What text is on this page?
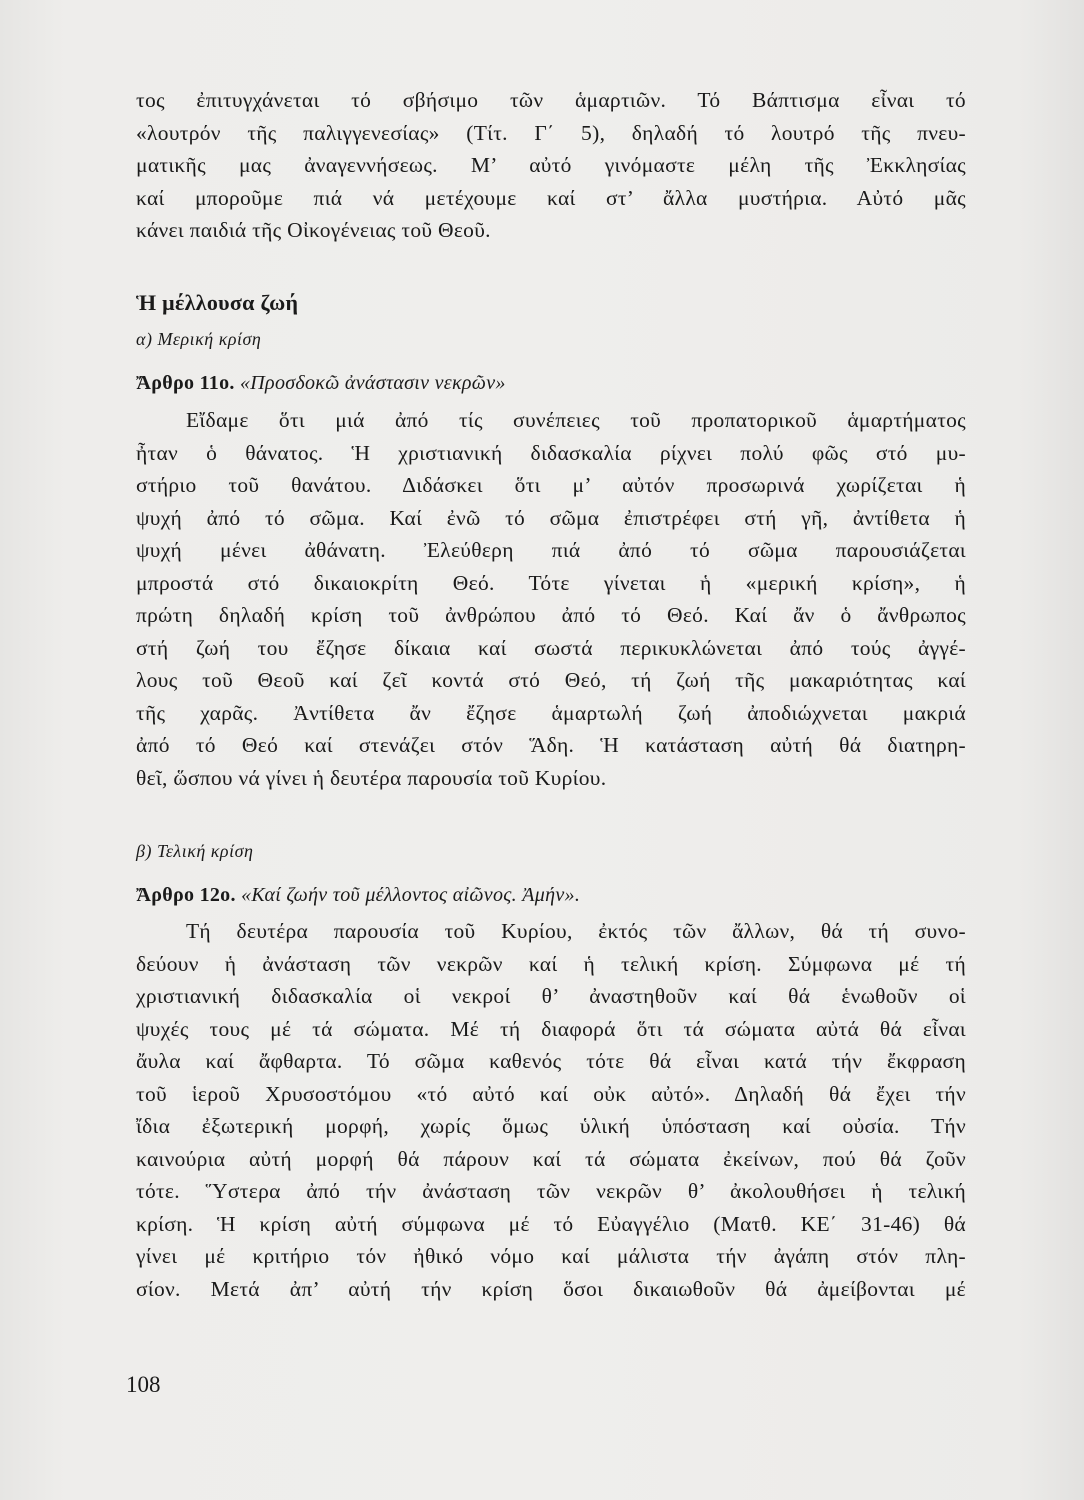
τος ἐπιτυγχάνεται τό σβήσιμο τῶν ἁμαρτιῶν. Τό Βάπτισμα εἶναι τό
«λουτρόν τῆς παλιγγενεσίας» (Τίτ. Γ΄ 5), δηλαδή τό λουτρό τῆς πνευ-
ματικῆς μας ἀναγεννήσεως. Μ’ αὐτό γινόμαστε μέλη τῆς Ἐκκλησίας
καί μποροῦμε πιά νά μετέχουμε καί στ’ ἄλλα μυστήρια. Αὐτό μᾶς
κάνει παιδιά τῆς Οἰκογένειας τοῦ Θεοῦ.
Ἡ μέλλουσα ζωή
α) Μερική κρίση
Ἄρθρο 11ο. «Προσδοκῶ ἀνάστασιν νεκρῶν»
Εἴδαμε ὅτι μιά ἀπό τίς συνέπειες τοῦ προπατορικοῦ ἁμαρτήματος
ἦταν ὁ θάνατος. Ἡ χριστιανική διδασκαλία ρίχνει πολύ φῶς στό μυ-
στήριο τοῦ θανάτου. Διδάσκει ὅτι μ’ αὐτόν προσωρινά χωρίζεται ἡ
ψυχή ἀπό τό σῶμα. Καί ἐνῶ τό σῶμα ἐπιστρέφει στή γῆ, ἀντίθετα ἡ
ψυχή μένει ἀθάνατη. Ἐλεύθερη πιά ἀπό τό σῶμα παρουσιάζεται
μπροστά στό δικαιοκρίτη Θεό. Τότε γίνεται ἡ «μερική κρίση», ἡ
πρώτη δηλαδή κρίση τοῦ ἀνθρώπου ἀπό τό Θεό. Καί ἄν ὁ ἄνθρωπος
στή ζωή του ἔζησε δίκαια καί σωστά περικυκλώνεται ἀπό τούς ἀγγέ-
λους τοῦ Θεοῦ καί ζεῖ κοντά στό Θεό, τή ζωή τῆς μακαριότητας καί
τῆς χαρᾶς. Ἀντίθετα ἄν ἔζησε ἁμαρτωλή ζωή ἀποδιώχνεται μακριά
ἀπό τό Θεό καί στενάζει στόν Ἅδη. Ἡ κατάσταση αὐτή θά διατηρη-
θεῖ, ὥσπου νά γίνει ἡ δευτέρα παρουσία τοῦ Κυρίου.
β) Τελική κρίση
Ἄρθρο 12ο. «Καί ζωήν τοῦ μέλλοντος αἰῶνος. Ἀμήν».
Τή δευτέρα παρουσία τοῦ Κυρίου, ἐκτός τῶν ἄλλων, θά τή συνο-
δεύουν ἡ ἀνάσταση τῶν νεκρῶν καί ἡ τελική κρίση. Σύμφωνα μέ τή
χριστιανική διδασκαλία οἱ νεκροί θ’ ἀναστηθοῦν καί θά ἑνωθοῦν οἱ
ψυχές τους μέ τά σώματα. Μέ τή διαφορά ὅτι τά σώματα αὐτά θά εἶναι
ἄυλα καί ἄφθαρτα. Τό σῶμα καθενός τότε θά εἶναι κατά τήν ἔκφραση
τοῦ ἱεροῦ Χρυσοστόμου «τό αὐτό καί οὐκ αὐτό». Δηλαδή θά ἔχει τήν
ἴδια ἐξωτερική μορφή, χωρίς ὅμως ὑλική ὑπόσταση καί οὐσία. Τήν
καινούρια αὐτή μορφή θά πάρουν καί τά σώματα ἐκείνων, πού θά ζοῦν
τότε. Ὕστερα ἀπό τήν ἀνάσταση τῶν νεκρῶν θ’ ἀκολουθήσει ἡ τελική
κρίση. Ἡ κρίση αὐτή σύμφωνα μέ τό Εὐαγγέλιο (Ματθ. ΚΕ΄ 31-46) θά
γίνει μέ κριτήριο τόν ἠθικό νόμο καί μάλιστα τήν ἀγάπη στόν πλη-
σίον. Μετά ἀπ’ αὐτή τήν κρίση ὅσοι δικαιωθοῦν θά ἀμείβονται μέ
108
